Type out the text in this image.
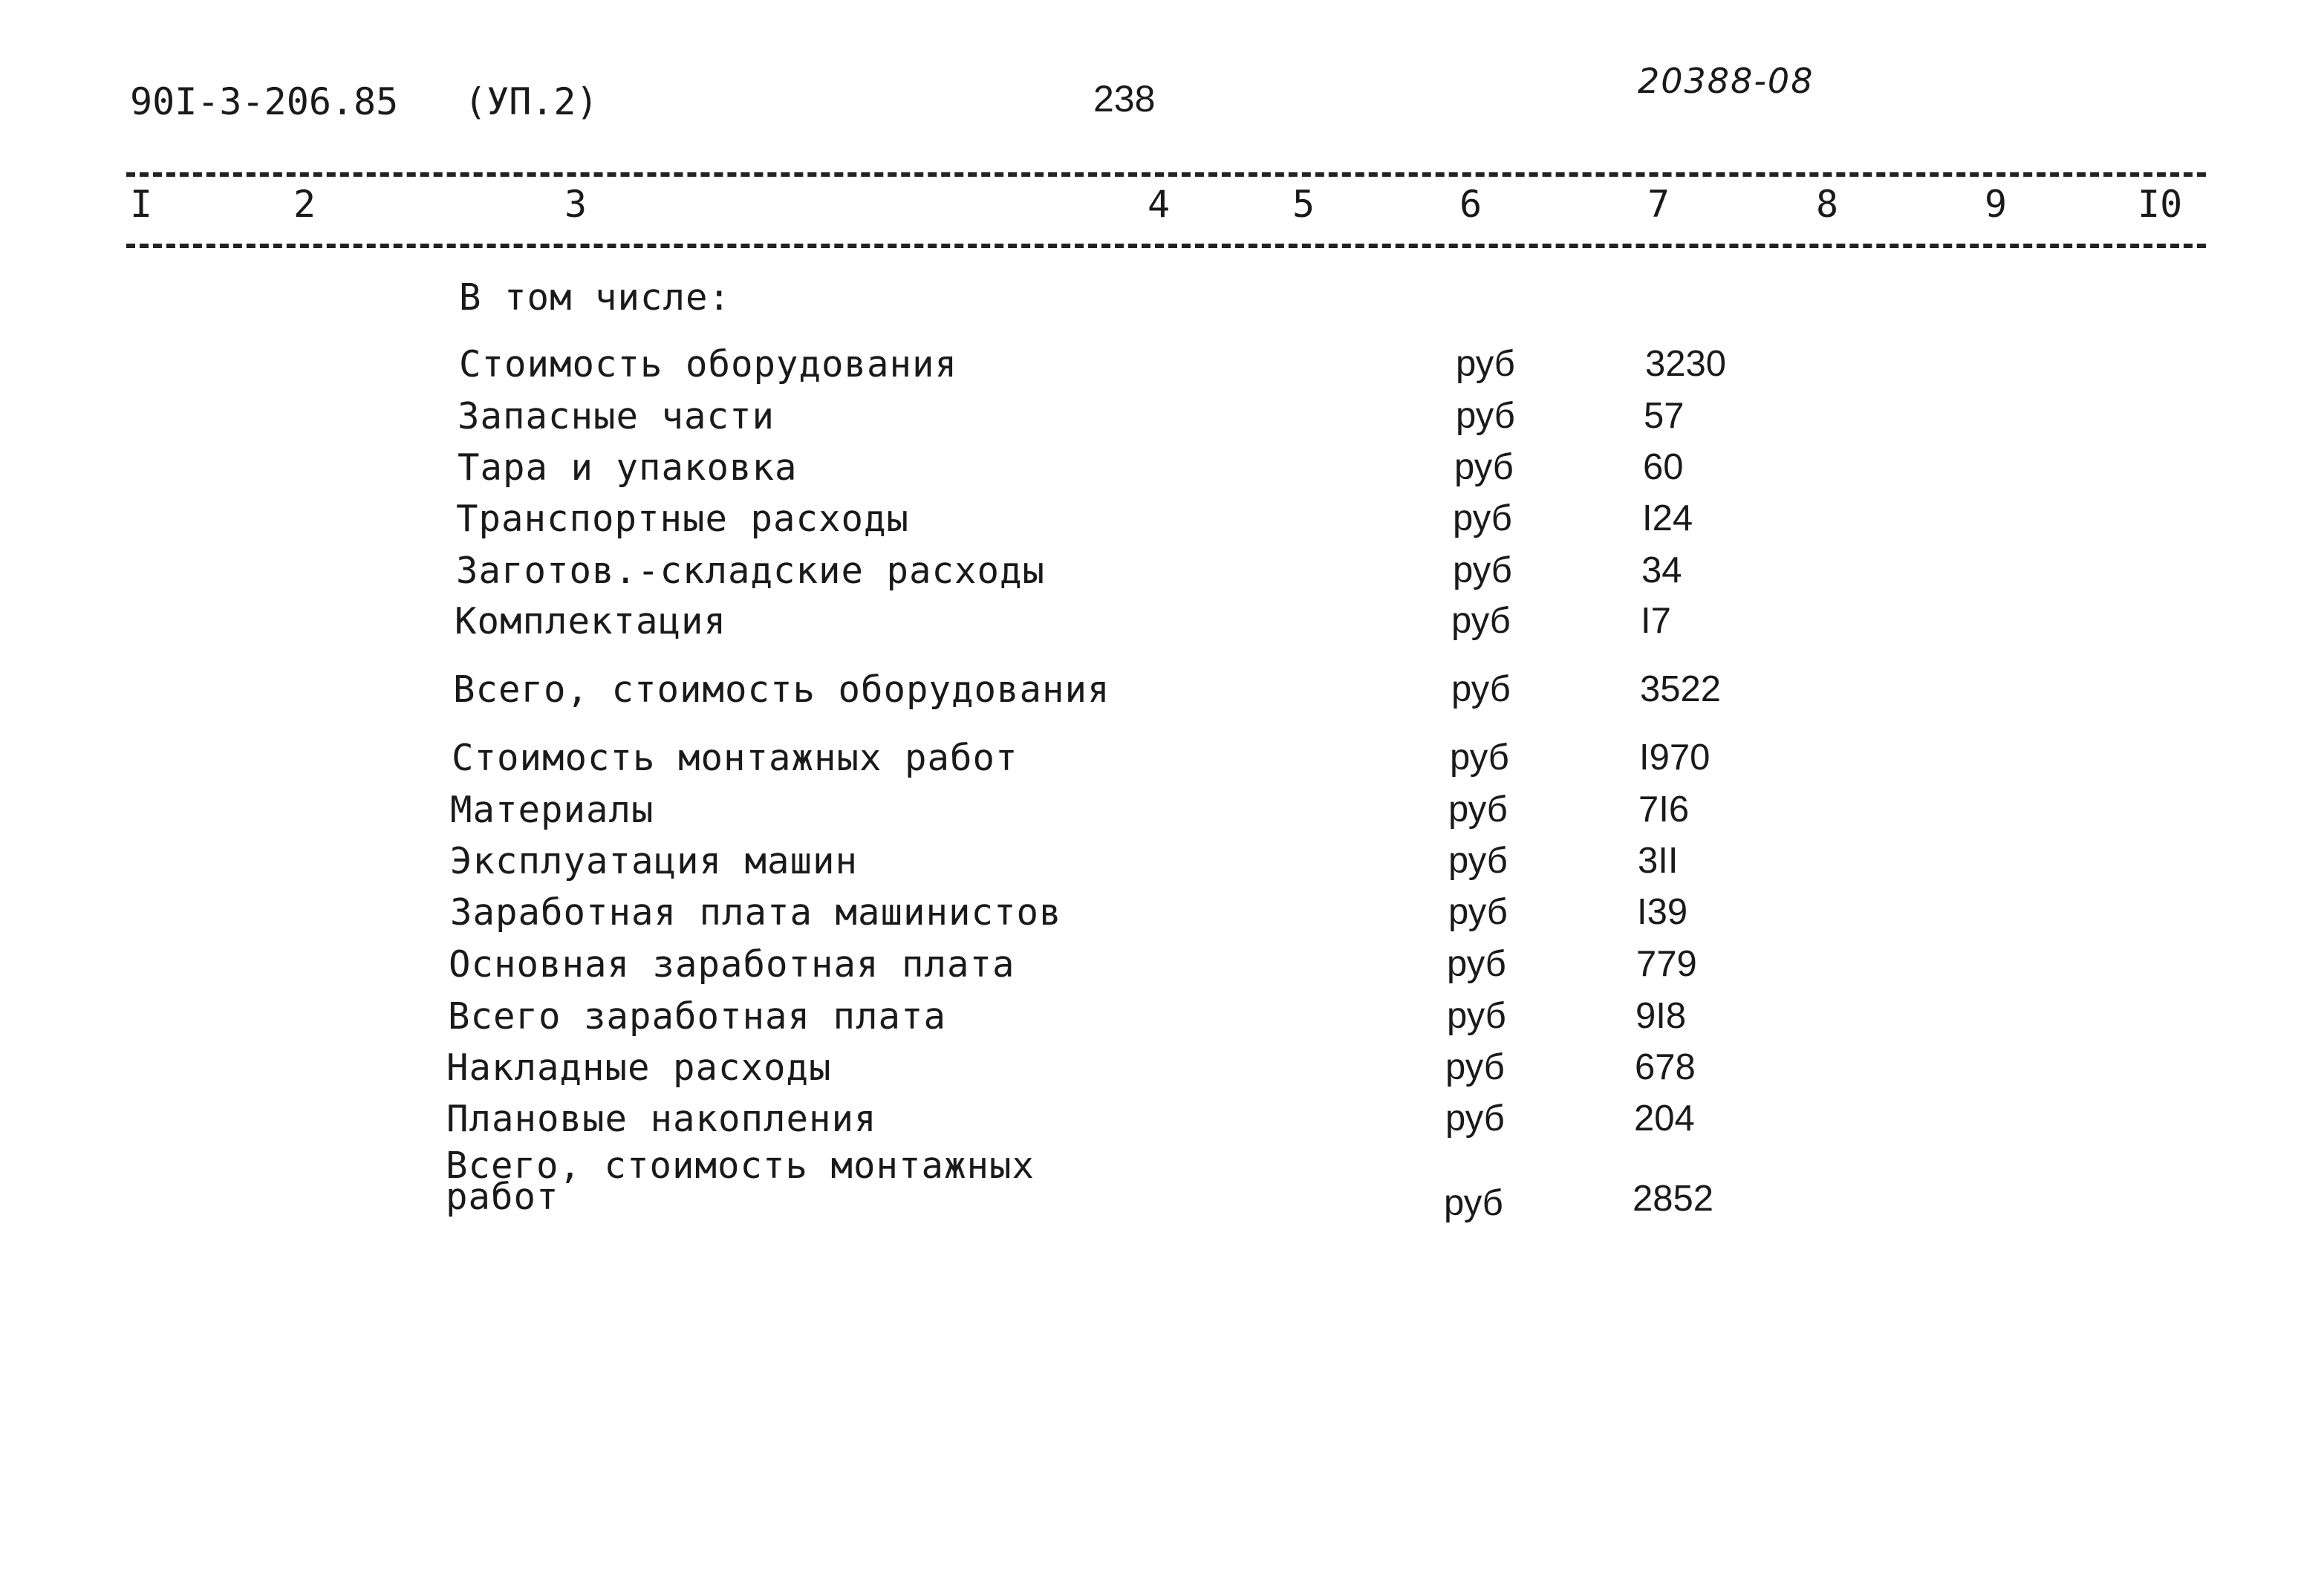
90I-3-206.85 (УП.2)	238	20388-08
I	2	3	4	5	6	7	8	9	I0
В том числе:
Стоимость оборудования	руб	3230
Запасные части	руб	57
Тара и упаковка	руб	60
Транспортные расходы	руб	I24
Заготов.-складские расходы	руб	34
Комплектация	руб	I7
Всего, стоимость оборудования	руб	3522
Стоимость монтажных работ	руб	I970
Материалы	руб	7I6
Эксплуатация машин	руб	3II
Заработная плата машинистов	руб	I39
Основная заработная плата	руб	779
Всего заработная плата	руб	9I8
Накладные расходы	руб	678
Плановые накопления	руб	204
Всего, стоимость монтажных
работ	руб	2852
